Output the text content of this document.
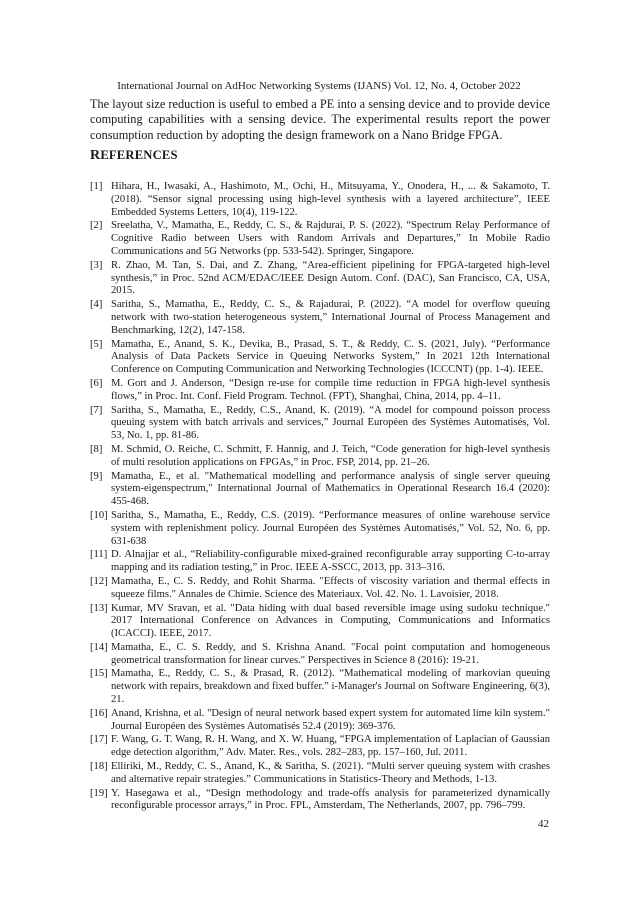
International Journal on AdHoc Networking Systems (IJANS) Vol. 12, No. 4, October 2022

The layout size reduction is useful to embed a PE into a sensing device and to provide device computing capabilities with a sensing device. The experimental results report the power consumption reduction by adopting the design framework on a Nano Bridge FPGA.

REFERENCES
[1] Hihara, H., Iwasaki, A., Hashimoto, M., Ochi, H., Mitsuyama, Y., Onodera, H., ... & Sakamoto, T. (2018). “Sensor signal processing using high-level synthesis with a layered architecture”, IEEE Embedded Systems Letters, 10(4), 119-122.
[2] Sreelatha, V., Mamatha, E., Reddy, C. S., & Rajdurai, P. S. (2022). “Spectrum Relay Performance of Cognitive Radio between Users with Random Arrivals and Departures,” In Mobile Radio Communications and 5G Networks (pp. 533-542). Springer, Singapore.
[3] R. Zhao, M. Tan, S. Dai, and Z. Zhang, “Area-efficient pipelining for FPGA-targeted high-level synthesis,” in Proc. 52nd ACM/EDAC/IEEE Design Autom. Conf. (DAC), San Francisco, CA, USA, 2015.
[4] Saritha, S., Mamatha, E., Reddy, C. S., & Rajadurai, P. (2022). “A model for overflow queuing network with two-station heterogeneous system,” International Journal of Process Management and Benchmarking, 12(2), 147-158.
[5] Mamatha, E., Anand, S. K., Devika, B., Prasad, S. T., & Reddy, C. S. (2021, July). “Performance Analysis of Data Packets Service in Queuing Networks System,” In 2021 12th International Conference on Computing Communication and Networking Technologies (ICCCNT) (pp. 1-4). IEEE.
[6] M. Gort and J. Anderson, “Design re-use for compile time reduction in FPGA high-level synthesis flows,” in Proc. Int. Conf. Field Program. Technol. (FPT), Shanghai, China, 2014, pp. 4–11.
[7] Saritha, S., Mamatha, E., Reddy, C.S., Anand, K. (2019). “A model for compound poisson process queuing system with batch arrivals and services,” Journal Européen des Systèmes Automatisés, Vol. 53, No. 1, pp. 81-86.
[8] M. Schmid, O. Reiche, C. Schmitt, F. Hannig, and J. Teich, “Code generation for high-level synthesis of multi resolution applications on FPGAs,” in Proc. FSP, 2014, pp. 21–26.
[9] Mamatha, E., et al. "Mathematical modelling and performance analysis of single server queuing system-eigenspectrum," International Journal of Mathematics in Operational Research 16.4 (2020): 455-468.
[10] Saritha, S., Mamatha, E., Reddy, C.S. (2019). “Performance measures of online warehouse service system with replenishment policy. Journal Européen des Systèmes Automatisés,” Vol. 52, No. 6, pp. 631-638
[11] D. Alnajjar et al., “Reliability-configurable mixed-grained reconfigurable array supporting C-to-array mapping and its radiation testing,” in Proc. IEEE A-SSCC, 2013, pp. 313–316.
[12] Mamatha, E., C. S. Reddy, and Rohit Sharma. "Effects of viscosity variation and thermal effects in squeeze films." Annales de Chimie. Science des Materiaux. Vol. 42. No. 1. Lavoisier, 2018.
[13] Kumar, MV Sravan, et al. "Data hiding with dual based reversible image using sudoku technique." 2017 International Conference on Advances in Computing, Communications and Informatics (ICACCI). IEEE, 2017.
[14] Mamatha, E., C. S. Reddy, and S. Krishna Anand. "Focal point computation and homogeneous geometrical transformation for linear curves." Perspectives in Science 8 (2016): 19-21.
[15] Mamatha, E., Reddy, C. S., & Prasad, R. (2012). “Mathematical modeling of markovian queuing network with repairs, breakdown and fixed buffer.” i-Manager's Journal on Software Engineering, 6(3), 21.
[16] Anand, Krishna, et al. "Design of neural network based expert system for automated lime kiln system." Journal Européen des Systèmes Automatisés 52.4 (2019): 369-376.
[17] F. Wang, G. T. Wang, R. H. Wang, and X. W. Huang, “FPGA implementation of Laplacian of Gaussian edge detection algorithm,” Adv. Mater. Res., vols. 282–283, pp. 157–160, Jul. 2011.
[18] Elliriki, M., Reddy, C. S., Anand, K., & Saritha, S. (2021). “Multi server queuing system with crashes and alternative repair strategies.” Communications in Statistics-Theory and Methods, 1-13.
[19] Y. Hasegawa et al., “Design methodology and trade-offs analysis for parameterized dynamically reconfigurable processor arrays,” in Proc. FPL, Amsterdam, The Netherlands, 2007, pp. 796–799.
42
